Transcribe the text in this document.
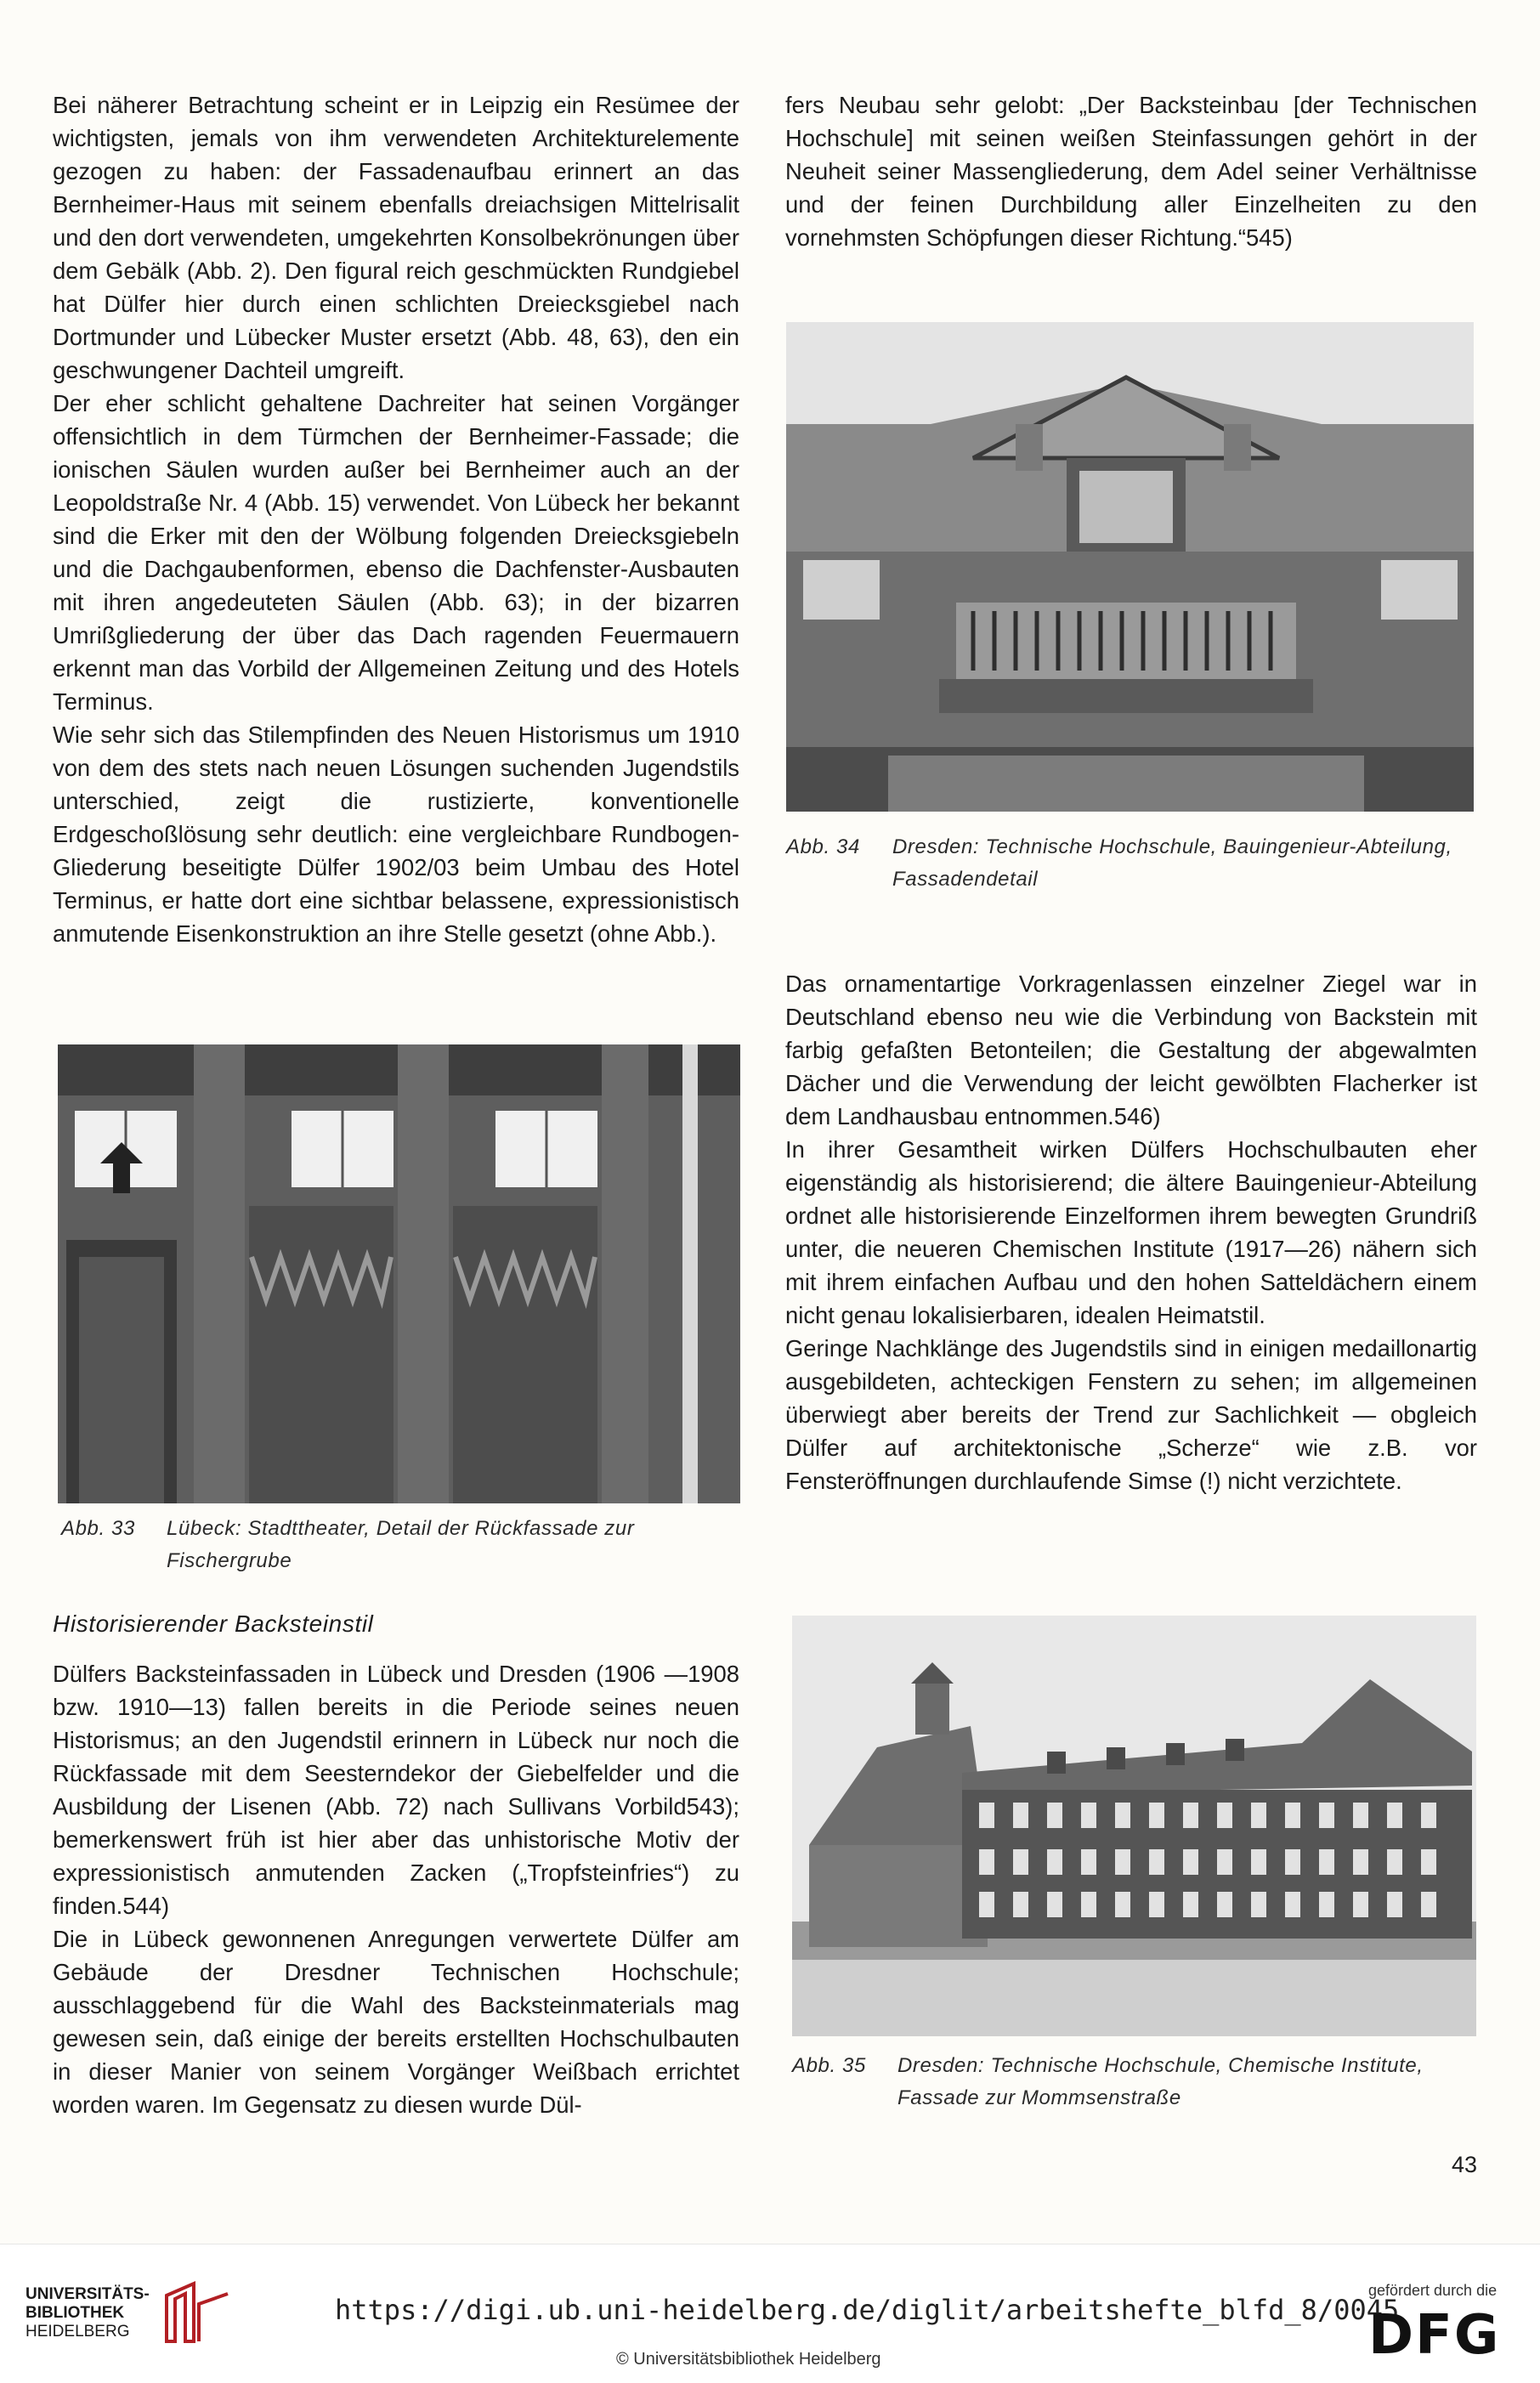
Bei näherer Betrachtung scheint er in Leipzig ein Resümee der wichtigsten, jemals von ihm verwendeten Architekturelemente gezogen zu haben: der Fassadenaufbau erinnert an das Bernheimer-Haus mit seinem ebenfalls dreiachsigen Mittelrisalit und den dort verwendeten, umgekehrten Konsolbekrönungen über dem Gebälk (Abb. 2). Den figural reich geschmückten Rundgiebel hat Dülfer hier durch einen schlichten Dreiecksgiebel nach Dortmunder und Lübecker Muster ersetzt (Abb. 48, 63), den ein geschwungener Dachteil umgreift.

Der eher schlicht gehaltene Dachreiter hat seinen Vorgänger offensichtlich in dem Türmchen der Bernheimer-Fassade; die ionischen Säulen wurden außer bei Bernheimer auch an der Leopoldstraße Nr. 4 (Abb. 15) verwendet. Von Lübeck her bekannt sind die Erker mit den der Wölbung folgenden Dreiecksgiebeln und die Dachgaubenformen, ebenso die Dachfenster-Ausbauten mit ihren angedeuteten Säulen (Abb. 63); in der bizarren Umrißgliederung der über das Dach ragenden Feuermauern erkennt man das Vorbild der Allgemeinen Zeitung und des Hotels Terminus.

Wie sehr sich das Stilempfinden des Neuen Historismus um 1910 von dem des stets nach neuen Lösungen suchenden Jugendstils unterschied, zeigt die rustizierte, konventionelle Erdgeschoßlösung sehr deutlich: eine vergleichbare Rundbogen-Gliederung beseitigte Dülfer 1902/03 beim Umbau des Hotel Terminus, er hatte dort eine sichtbar belassene, expressionistisch anmutende Eisenkonstruktion an ihre Stelle gesetzt (ohne Abb.).

Abb. 33 Lübeck: Stadttheater, Detail der Rückfassade zur Fischergrube
Historisierender Backsteinstil

Dülfers Backsteinfassaden in Lübeck und Dresden (1906 —1908 bzw. 1910—13) fallen bereits in die Periode seines neuen Historismus; an den Jugendstil erinnern in Lübeck nur noch die Rückfassade mit dem Seesterndekor der Giebelfelder und die Ausbildung der Lisenen (Abb. 72) nach Sullivans Vorbild543); bemerkenswert früh ist hier aber das unhistorische Motiv der expressionistisch anmutenden Zacken („Tropfsteinfries“) zu finden.544)

Die in Lübeck gewonnenen Anregungen verwertete Dülfer am Gebäude der Dresdner Technischen Hochschule; ausschlaggebend für die Wahl des Backsteinmaterials mag gewesen sein, daß einige der bereits erstellten Hochschulbauten in dieser Manier von seinem Vorgänger Weißbach errichtet worden waren. Im Gegensatz zu diesen wurde Dül-

fers Neubau sehr gelobt: „Der Backsteinbau [der Technischen Hochschule] mit seinen weißen Steinfassungen gehört in der Neuheit seiner Massengliederung, dem Adel seiner Verhältnisse und der feinen Durchbildung aller Einzelheiten zu den vornehmsten Schöpfungen dieser Richtung.“545)

Abb. 34 Dresden: Technische Hochschule, Bauingenieur-Abteilung, Fassadendetail

Das ornamentartige Vorkragenlassen einzelner Ziegel war in Deutschland ebenso neu wie die Verbindung von Backstein mit farbig gefaßten Betonteilen; die Gestaltung der abgewalmten Dächer und die Verwendung der leicht gewölbten Flacherker ist dem Landhausbau entnommen.546)

In ihrer Gesamtheit wirken Dülfers Hochschulbauten eher eigenständig als historisierend; die ältere Bauingenieur-Abteilung ordnet alle historisierende Einzelformen ihrem bewegten Grundriß unter, die neueren Chemischen Institute (1917—26) nähern sich mit ihrem einfachen Aufbau und den hohen Satteldächern einem nicht genau lokalisierbaren, idealen Heimatstil.

Geringe Nachklänge des Jugendstils sind in einigen medaillonartig ausgebildeten, achteckigen Fenstern zu sehen; im allgemeinen überwiegt aber bereits der Trend zur Sachlichkeit — obgleich Dülfer auf architektonische „Scherze“ wie z.B. vor Fensteröffnungen durchlaufende Simse (!) nicht verzichtete.

Abb. 35 Dresden: Technische Hochschule, Chemische Institute, Fassade zur Mommsenstraße
43
UNIVERSITÄTS-
BIBLIOTHEK
HEIDELBERG
https://digi.ub.uni-heidelberg.de/diglit/arbeitshefte_blfd_8/0045
© Universitätsbibliothek Heidelberg
gefördert durch die
DFG
